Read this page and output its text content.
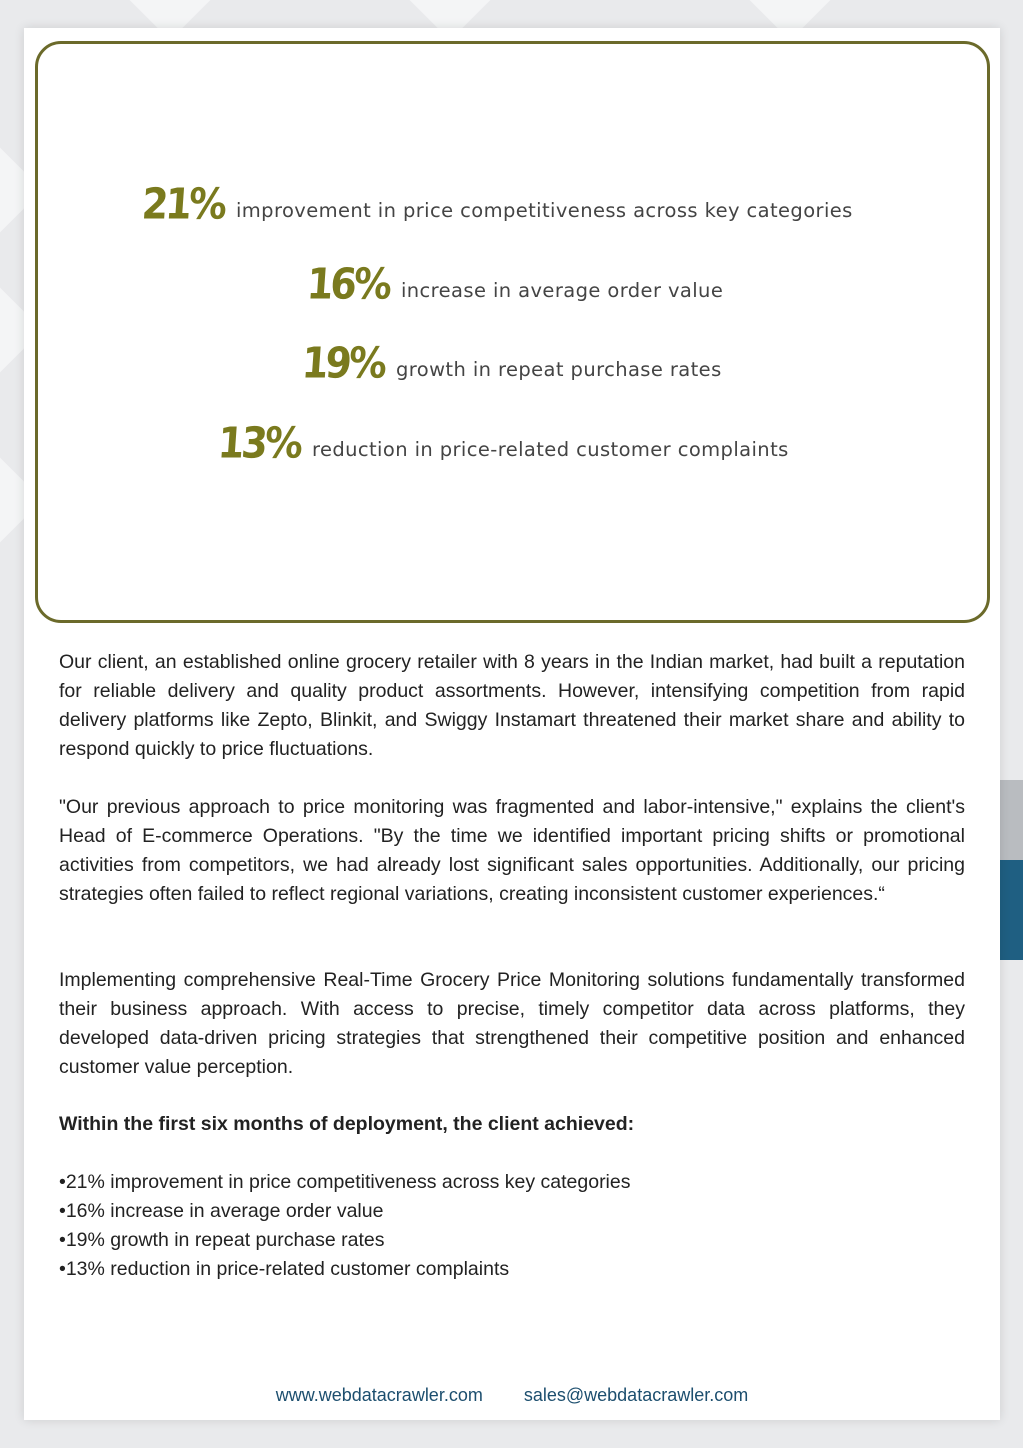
21% improvement in price competitiveness across key categories
16% increase in average order value
19% growth in repeat purchase rates
13% reduction in price-related customer complaints

Our client, an established online grocery retailer with 8 years in the Indian market, had built a reputation for reliable delivery and quality product assortments. However, intensifying competition from rapid delivery platforms like Zepto, Blinkit, and Swiggy Instamart threatened their market share and ability to respond quickly to price fluctuations.

"Our previous approach to price monitoring was fragmented and labor-intensive," explains the client's Head of E-commerce Operations. "By the time we identified important pricing shifts or promotional activities from competitors, we had already lost significant sales opportunities. Additionally, our pricing strategies often failed to reflect regional variations, creating inconsistent customer experiences.“

Implementing comprehensive Real-Time Grocery Price Monitoring solutions fundamentally transformed their business approach. With access to precise, timely competitor data across platforms, they developed data-driven pricing strategies that strengthened their competitive position and enhanced customer value perception.

Within the first six months of deployment, the client achieved:

•21% improvement in price competitiveness across key categories
•16% increase in average order value
•19% growth in repeat purchase rates
•13% reduction in price-related customer complaints
www.webdatacrawler.com sales@webdatacrawler.com
